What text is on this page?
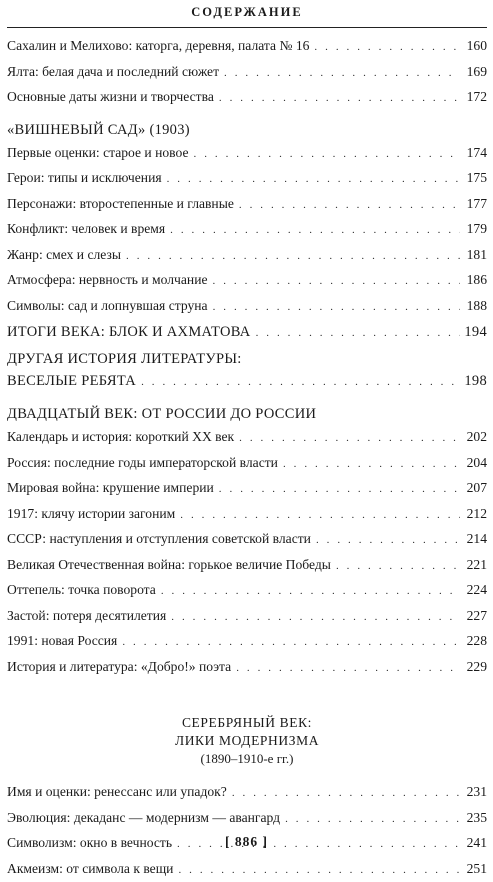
СОДЕРЖАНИЕ
Сахалин и Мелихово: каторга, деревня, палата № 16 . . .	160
Ялта: белая дача и последний сюжет . . .	169
Основные даты жизни и творчества . . .	172
«ВИШНЕВЫЙ САД» (1903)
Первые оценки: старое и новое . . .	174
Герои: типы и исключения . . .	175
Персонажи: второстепенные и главные . . .	177
Конфликт: человек и время . . .	179
Жанр: смех и слезы . . .	181
Атмосфера: нервность и молчание . . .	186
Символы: сад и лопнувшая струна . . .	188
ИТОГИ ВЕКА: БЛОК И АХМАТОВА . . .	194
ДРУГАЯ ИСТОРИЯ ЛИТЕРАТУРЫ:
ВЕСЕЛЫЕ РЕБЯТА . . .	198
ДВАДЦАТЫЙ ВЕК: ОТ РОССИИ ДО РОССИИ
Календарь и история: короткий XX век . . .	202
Россия: последние годы императорской власти . . .	204
Мировая война: крушение империи . . .	207
1917: клячу истории загоним . . .	212
СССР: наступления и отступления советской власти . . .	214
Великая Отечественная война: горькое величие Победы . . .	221
Оттепель: точка поворота . . .	224
Застой: потеря десятилетия . . .	227
1991: новая Россия . . .	228
История и литература: «Добро!» поэта . . .	229
СЕРЕБРЯНЫЙ ВЕК:
ЛИКИ МОДЕРНИЗМА
(1890–1910-е гг.)
Имя и оценки: ренессанс или упадок? . . .	231
Эволюция: декаданс — модернизм — авангард . . .	235
Символизм: окно в вечность . . .	241
Акмеизм: от символа к вещи . . .	251
[ 886 ]
